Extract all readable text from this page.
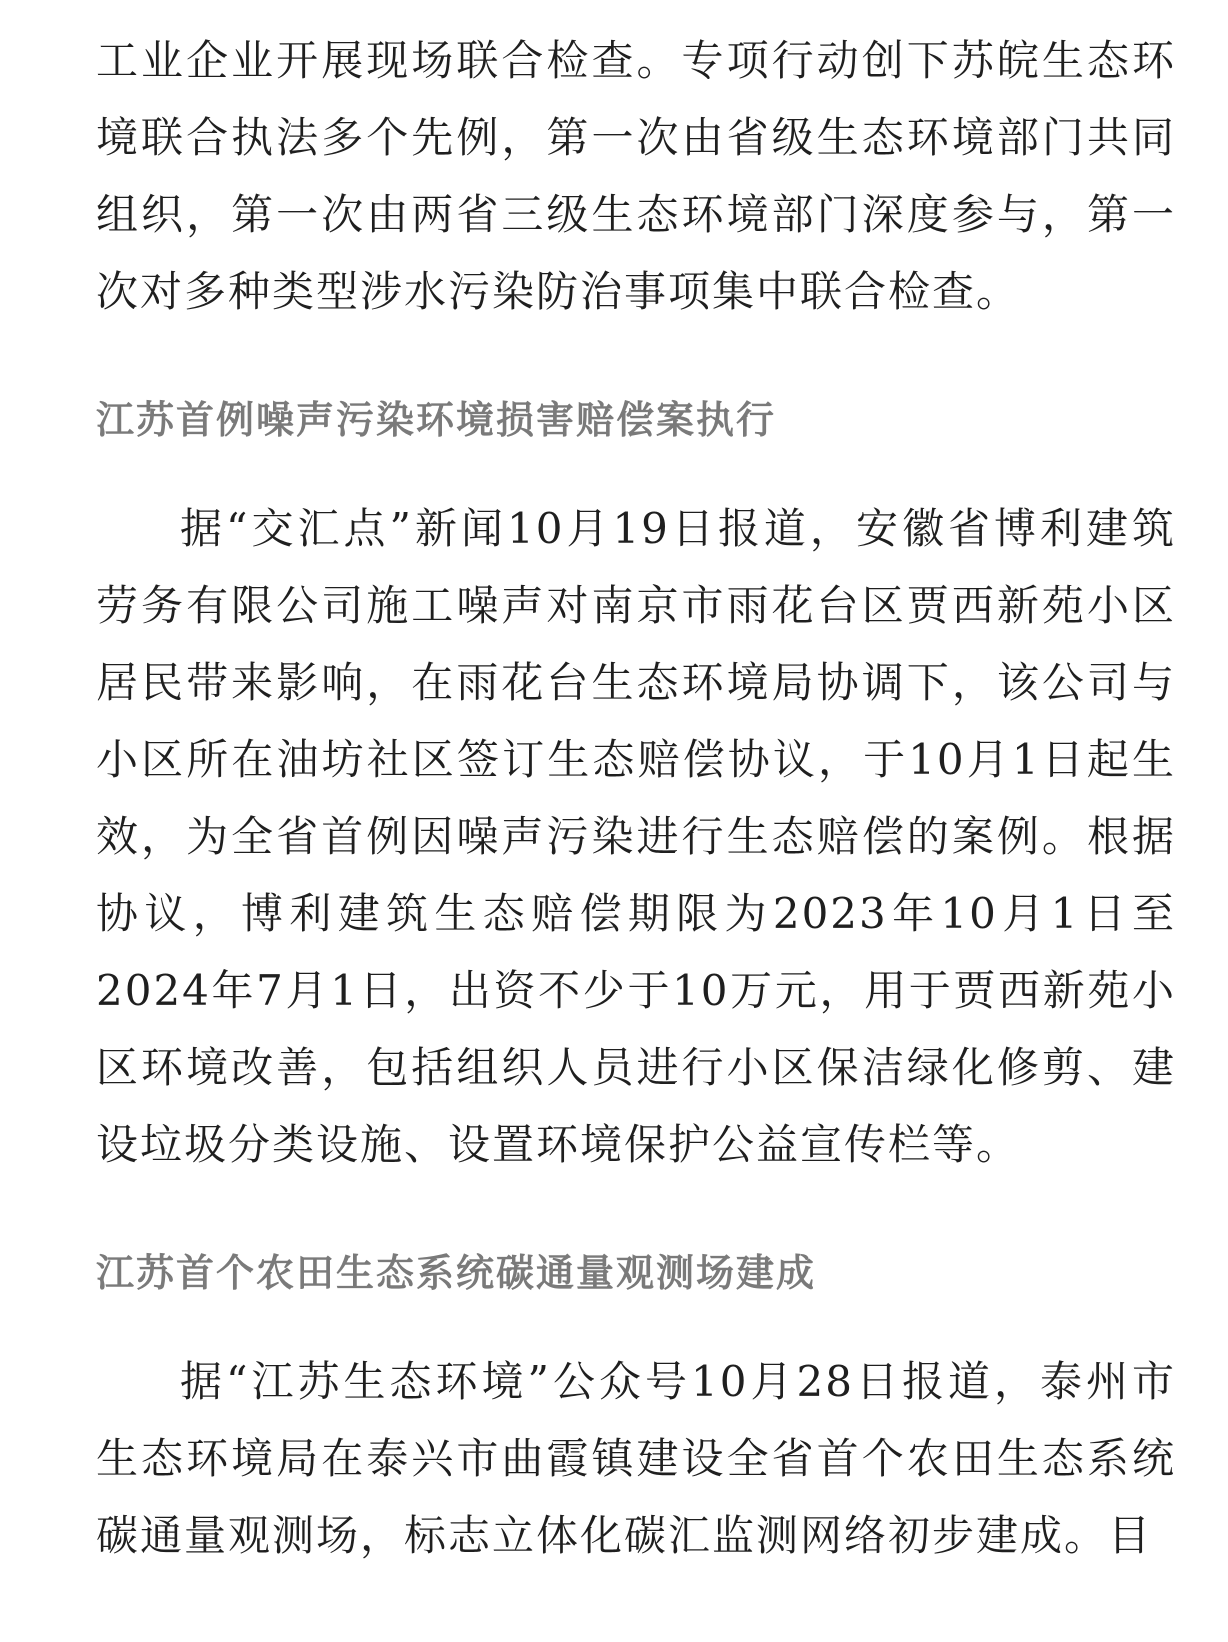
工业企业开展现场联合检查。专项行动创下苏皖生态环境联合执法多个先例，第一次由省级生态环境部门共同组织，第一次由两省三级生态环境部门深度参与，第一次对多种类型涉水污染防治事项集中联合检查。

江苏首例噪声污染环境损害赔偿案执行

据“交汇点”新闻10月19日报道，安徽省博利建筑劳务有限公司施工噪声对南京市雨花台区贾西新苑小区居民带来影响，在雨花台生态环境局协调下，该公司与小区所在油坊社区签订生态赔偿协议，于10月1日起生效，为全省首例因噪声污染进行生态赔偿的案例。根据协议，博利建筑生态赔偿期限为2023年10月1日至2024年7月1日，出资不少于10万元，用于贾西新苑小区环境改善，包括组织人员进行小区保洁绿化修剪、建设垃圾分类设施、设置环境保护公益宣传栏等。

江苏首个农田生态系统碳通量观测场建成

据“江苏生态环境”公众号10月28日报道，泰州市生态环境局在泰兴市曲霞镇建设全省首个农田生态系统碳通量观测场，标志立体化碳汇监测网络初步建成。目
